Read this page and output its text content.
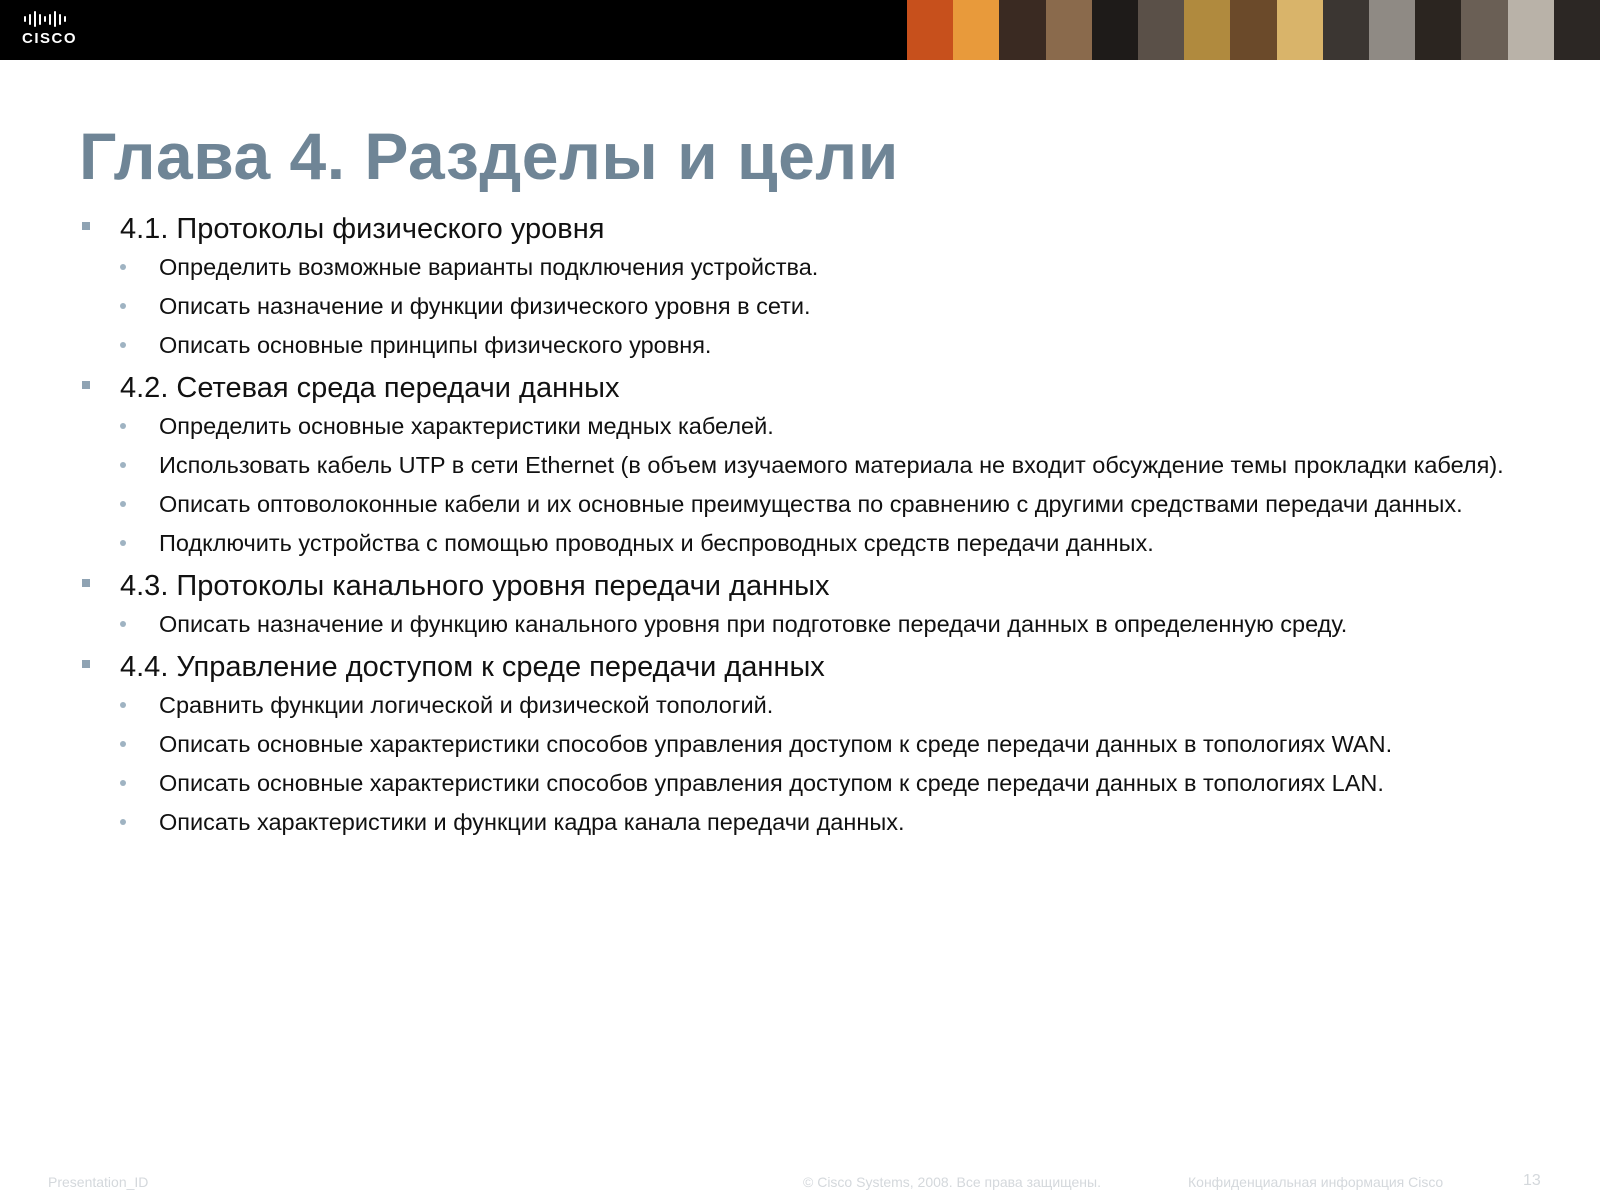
CISCO
Глава 4. Разделы и цели
4.1. Протоколы физического уровня
Определить возможные варианты подключения устройства.
Описать назначение и функции физического уровня в сети.
Описать основные принципы физического уровня.
4.2. Сетевая среда передачи данных
Определить основные характеристики медных кабелей.
Использовать кабель UTP в сети Ethernet (в объем изучаемого материала не входит обсуждение темы прокладки кабеля).
Описать оптоволоконные кабели и их основные преимущества по сравнению с другими средствами передачи данных.
Подключить устройства с помощью проводных и беспроводных средств передачи данных.
4.3. Протоколы канального уровня передачи данных
Описать назначение и функцию канального уровня при подготовке передачи данных в определенную среду.
4.4. Управление доступом к среде передачи данных
Сравнить функции логической и физической топологий.
Описать основные характеристики способов управления доступом к среде передачи данных в топологиях WAN.
Описать основные характеристики способов управления доступом к среде передачи данных в топологиях LAN.
Описать характеристики и функции кадра канала передачи данных.
Presentation_ID	© Cisco Systems, 2008. Все права защищены.	Конфиденциальная информация Cisco	13
